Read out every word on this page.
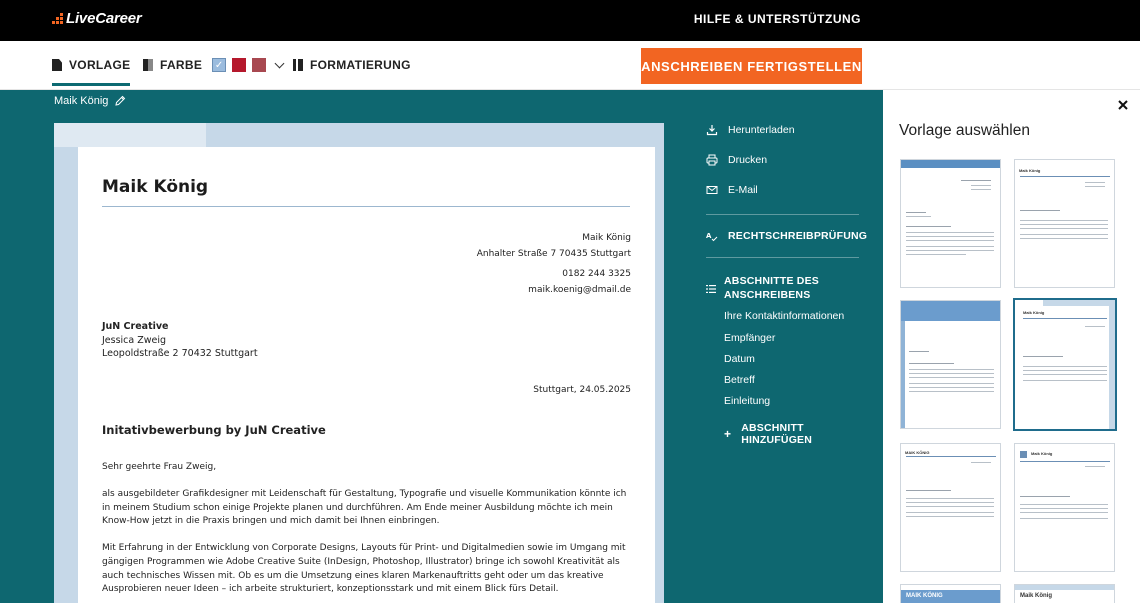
LiveCareer	HILFE & UNTERSTÜTZUNG
VORLAGE FARBE ✓	FORMATIERUNG	ANSCHREIBEN FERTIGSTELLEN
Maik König
Maik König
Maik König
Anhalter Straße 7 70435 Stuttgart
0182 244 3325
maik.koenig@dmail.de
JuN Creative
Jessica Zweig
Leopoldstraße 2 70432 Stuttgart
Stuttgart, 24.05.2025
Initativbewerbung by JuN Creative

Sehr geehrte Frau Zweig,

als ausgebildeter Grafikdesigner mit Leidenschaft für Gestaltung, Typografie und visuelle Kommunikation könnte ich in meinem Studium schon einige Projekte planen und durchführen. Am Ende meiner Ausbildung möchte ich mein Know-How jetzt in die Praxis bringen und mich damit bei Ihnen einbringen.

Mit Erfahrung in der Entwicklung von Corporate Designs, Layouts für Print- und Digitalmedien sowie im Umgang mit gängigen Programmen wie Adobe Creative Suite (InDesign, Photoshop, Illustrator) bringe ich sowohl Kreativität als auch technisches Wissen mit. Ob es um die Umsetzung eines klaren Markenauftritts geht oder um das kreative Ausprobieren neuer Ideen – ich arbeite strukturiert, konzeptionsstark und mit einem Blick fürs Detail.

Herunterladen
Drucken
E-Mail
A RECHTSCHREIBPRÜFUNG
ABSCHNITTE DES
ANSCHREIBENS
Ihre Kontaktinformationen
Empfänger
Datum
Betreff
Einleitung
+ ABSCHNITT HINZUFÜGEN
Vorlage auswählen
Maik König
Maik König
MAIK KÖNIG	Maik König
MAIK KÖNIG	Maik König
